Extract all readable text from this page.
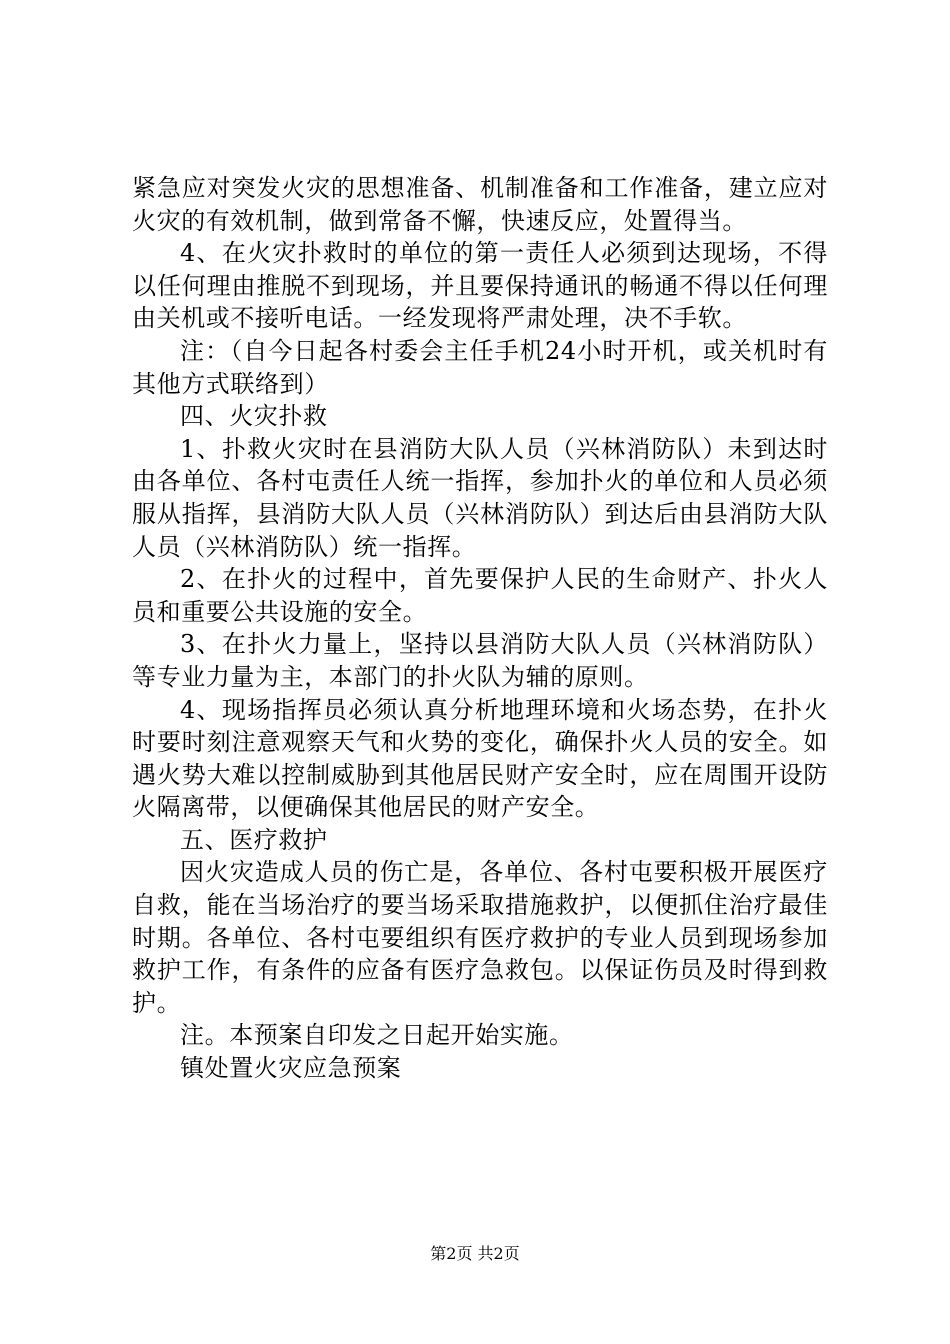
紧急应对突发火灾的思想准备、机制准备和工作准备，建立应对火灾的有效机制，做到常备不懈，快速反应，处置得当。

4、在火灾扑救时的单位的第一责任人必须到达现场，不得以任何理由推脱不到现场，并且要保持通讯的畅通不得以任何理由关机或不接听电话。一经发现将严肃处理，决不手软。

注：（自今日起各村委会主任手机24小时开机，或关机时有其他方式联络到）

四、火灾扑救

1、扑救火灾时在县消防大队人员（兴林消防队）未到达时由各单位、各村屯责任人统一指挥，参加扑火的单位和人员必须服从指挥，县消防大队人员（兴林消防队）到达后由县消防大队人员（兴林消防队）统一指挥。

2、在扑火的过程中，首先要保护人民的生命财产、扑火人员和重要公共设施的安全。

3、在扑火力量上，坚持以县消防大队人员（兴林消防队）等专业力量为主，本部门的扑火队为辅的原则。

4、现场指挥员必须认真分析地理环境和火场态势，在扑火时要时刻注意观察天气和火势的变化，确保扑火人员的安全。如遇火势大难以控制威胁到其他居民财产安全时，应在周围开设防火隔离带，以便确保其他居民的财产安全。

五、医疗救护

因火灾造成人员的伤亡是，各单位、各村屯要积极开展医疗自救，能在当场治疗的要当场采取措施救护，以便抓住治疗最佳时期。各单位、各村屯要组织有医疗救护的专业人员到现场参加救护工作，有条件的应备有医疗急救包。以保证伤员及时得到救护。

注。本预案自印发之日起开始实施。

镇处置火灾应急预案

第2页 共2页
